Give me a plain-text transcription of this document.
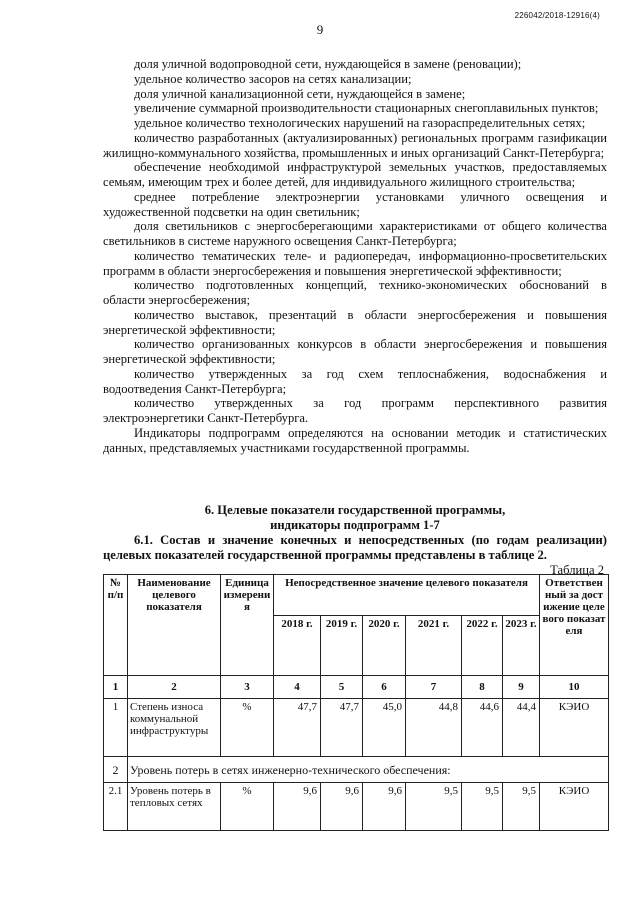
226042/2018-12916(4)
9

доля уличной водопроводной сети, нуждающейся в замене (реновации);

удельное количество засоров на сетях канализации;

доля уличной канализационной сети, нуждающейся в замене;

увеличение суммарной производительности стационарных снегоплавильных пунктов;

удельное количество технологических нарушений на газораспределительных сетях;

количество разработанных (актуализированных) региональных программ газификации жилищно-коммунального хозяйства, промышленных и иных организаций Санкт-Петербурга;

обеспечение необходимой инфраструктурой земельных участков, предоставляемых семьям, имеющим трех и более детей, для индивидуального жилищного строительства;

среднее потребление электроэнергии установками уличного освещения и художественной подсветки на один светильник;

доля светильников с энергосберегающими характеристиками от общего количества светильников в системе наружного освещения Санкт-Петербурга;

количество тематических теле- и радиопередач, информационно-просветительских программ в области энергосбережения и повышения энергетической эффективности;

количество подготовленных концепций, технико-экономических обоснований в области энергосбережения;

количество выставок, презентаций в области энергосбережения и повышения энергетической эффективности;

количество организованных конкурсов в области энергосбережения и повышения энергетической эффективности;

количество утвержденных за год схем теплоснабжения, водоснабжения и водоотведения Санкт-Петербурга;

количество утвержденных за год программ перспективного развития электроэнергетики Санкт-Петербурга.

Индикаторы подпрограмм определяются на основании методик и статистических данных, представляемых участниками государственной программы.

6. Целевые показатели государственной программы,
индикаторы подпрограмм 1-7
6.1. Состав и значение конечных и непосредственных (по годам реализации) целевых показателей государственной программы представлены в таблице 2.
Таблица 2
№ п/п	Наименование целевого показателя	Единица измерения	Непосредственное значение целевого показателя						Ответственный за достижение целевого показателя
			2018 г.	2019 г.	2020 г.	2021 г.	2022 г.	2023 г.	
1	2	3	4	5	6	7	8	9	10
1	Степень износа коммунальной инфраструктуры	%	47,7	47,7	45,0	44,8	44,6	44,4	КЭИО
2	Уровень потерь в сетях инженерно-технического обеспечения:								
2.1	Уровень потерь в тепловых сетях	%	9,6	9,6	9,6	9,5	9,5	9,5	КЭИО
